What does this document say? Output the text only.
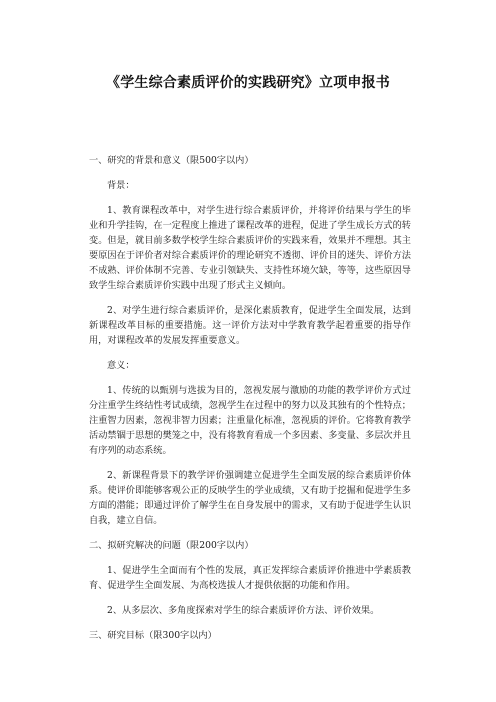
《学生综合素质评价的实践研究》立项申报书

一、研究的背景和意义（限500字以内）

背景：

1、教育课程改革中，对学生进行综合素质评价，并将评价结果与学生的毕业和升学挂钩，在一定程度上推进了课程改革的进程，促进了学生成长方式的转变。但是，就目前多数学校学生综合素质评价的实践来看，效果并不理想。其主要原因在于评价者对综合素质评价的理论研究不透彻、评价目的迷失、评价方法不成熟、评价体制不完善、专业引领缺失、支持性环境欠缺，等等，这些原因导致学生综合素质评价实践中出现了形式主义倾向。

2、对学生进行综合素质评价，是深化素质教育，促进学生全面发展，达到新课程改革目标的重要措施。这一评价方法对中学教育教学起着重要的指导作用，对课程改革的发展发挥重要意义。

意义：

1、传统的以甄别与选拔为目的，忽视发展与激励的功能的教学评价方式过分注重学生终结性考试成绩，忽视学生在过程中的努力以及其独有的个性特点；注重智力因素，忽视非智力因素；注重量化标准，忽视质的评价。它将教育教学活动禁锢于思想的樊笼之中，没有将教育看成一个多因素、多变量、多层次并且有序列的动态系统。

2、新课程背景下的教学评价强调建立促进学生全面发展的综合素质评价体系。使评价即能够客观公正的反映学生的学业成绩，又有助于挖掘和促进学生多方面的潜能；即通过评价了解学生在自身发展中的需求，又有助于促进学生认识自我，建立自信。

二、拟研究解决的问题（限200字以内）

1、促进学生全面而有个性的发展，真正发挥综合素质评价推进中学素质教育、促进学生全面发展、为高校选拔人才提供依据的功能和作用。

2、从多层次、多角度探索对学生的综合素质评价方法、评价效果。

三、研究目标（限300字以内）
